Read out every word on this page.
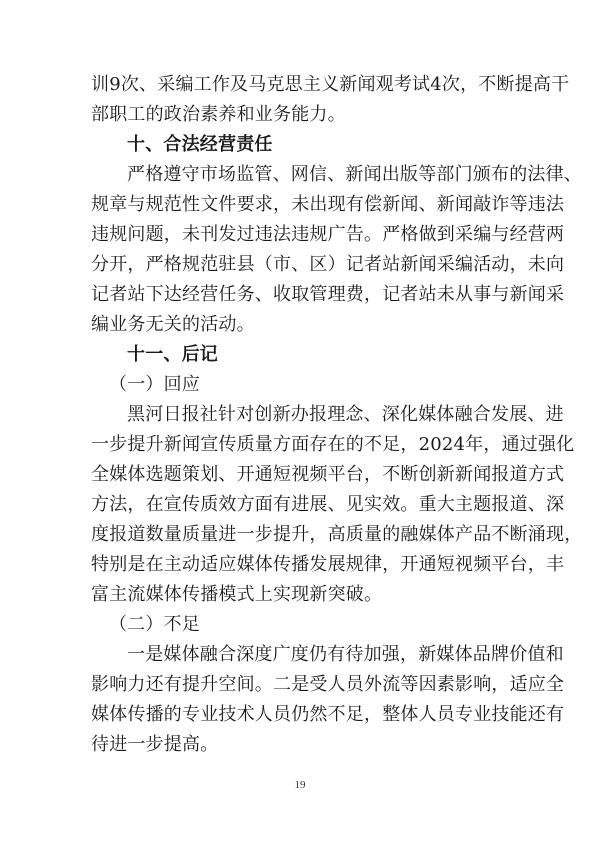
训9次、采编工作及马克思主义新闻观考试4次，不断提高干
部职工的政治素养和业务能力。
十、合法经营责任
严格遵守市场监管、网信、新闻出版等部门颁布的法律、
规章与规范性文件要求，未出现有偿新闻、新闻敲诈等违法
违规问题，未刊发过违法违规广告。严格做到采编与经营两
分开，严格规范驻县（市、区）记者站新闻采编活动，未向
记者站下达经营任务、收取管理费，记者站未从事与新闻采
编业务无关的活动。
十一、后记
（一）回应
黑河日报社针对创新办报理念、深化媒体融合发展、进
一步提升新闻宣传质量方面存在的不足，2024年，通过强化
全媒体选题策划、开通短视频平台，不断创新新闻报道方式
方法，在宣传质效方面有进展、见实效。重大主题报道、深
度报道数量质量进一步提升，高质量的融媒体产品不断涌现，
特别是在主动适应媒体传播发展规律，开通短视频平台，丰
富主流媒体传播模式上实现新突破。
（二）不足
一是媒体融合深度广度仍有待加强，新媒体品牌价值和
影响力还有提升空间。二是受人员外流等因素影响，适应全
媒体传播的专业技术人员仍然不足，整体人员专业技能还有
待进一步提高。
19
